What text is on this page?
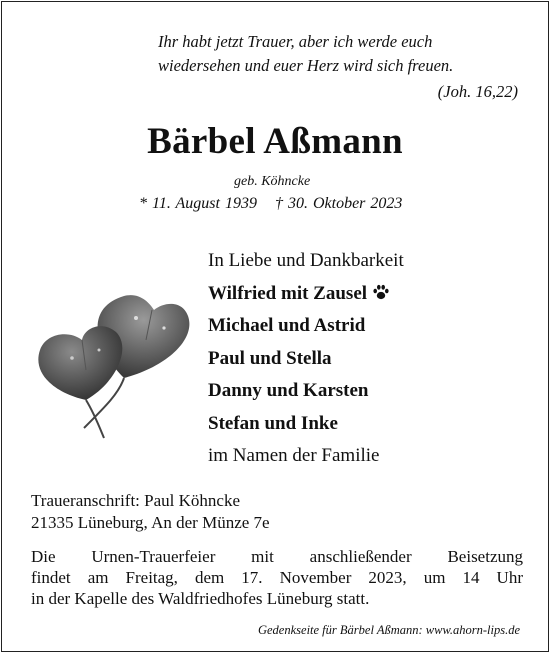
Ihr habt jetzt Trauer, aber ich werde euch
wiedersehen und euer Herz wird sich freuen.
(Joh. 16,22)
Bärbel Aßmann
geb. Köhncke
* 11. August 1939 † 30. Oktober 2023
In Liebe und Dankbarkeit
Wilfried mit Zausel
Michael und Astrid
Paul und Stella
Danny und Karsten
Stefan und Inke
im Namen der Familie
Traueranschrift: Paul Köhncke
21335 Lüneburg, An der Münze 7e
Die Urnen-Trauerfeier mit anschließender Beisetzung
findet am Freitag, dem 17. November 2023, um 14 Uhr
in der Kapelle des Waldfriedhofes Lüneburg statt.
Gedenkseite für Bärbel Aßmann: www.ahorn-lips.de
